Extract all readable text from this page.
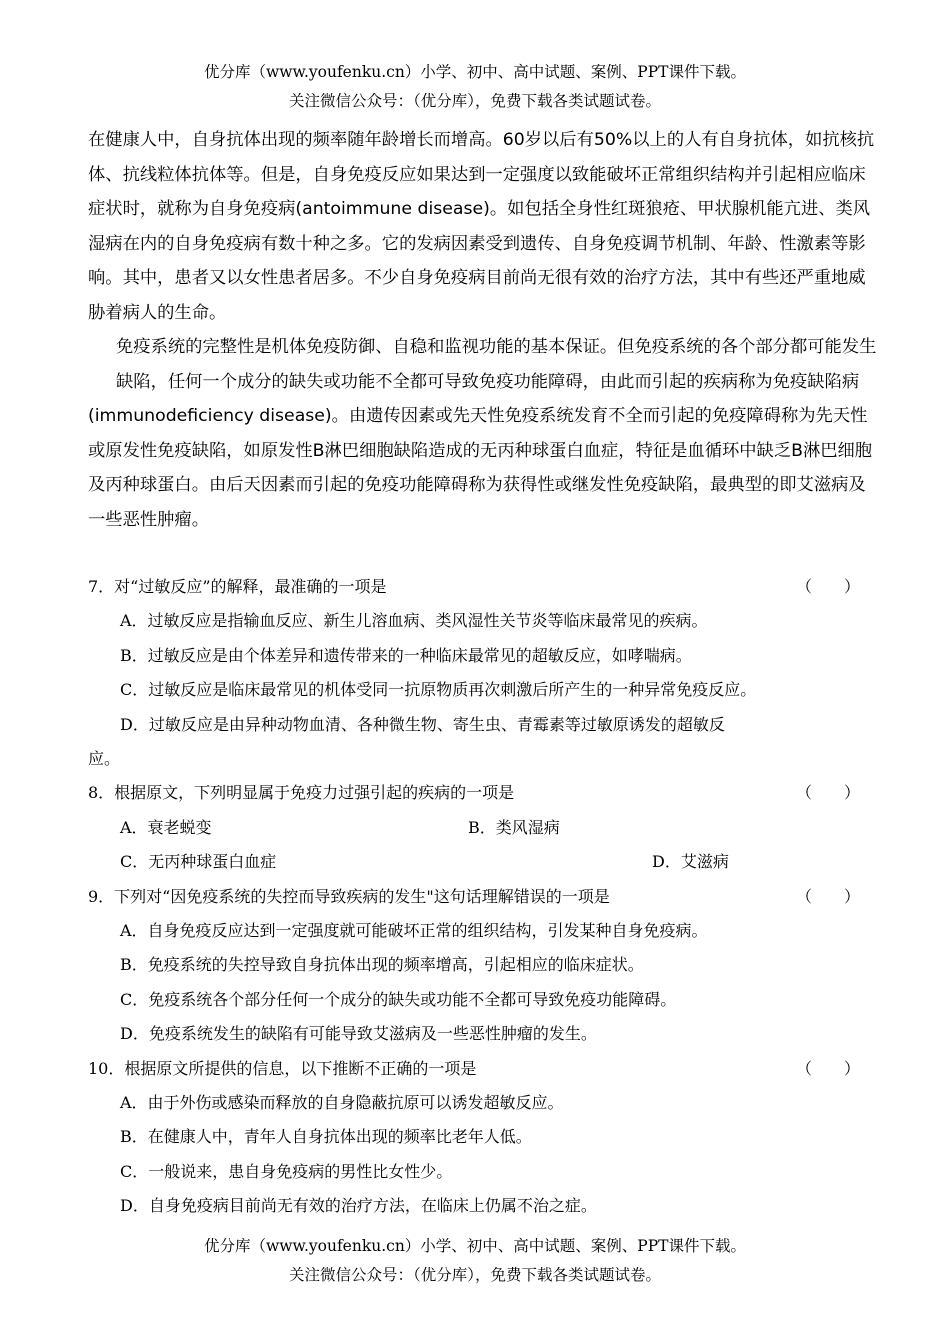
优分库（www.youfenku.cn）小学、初中、高中试题、案例、PPT课件下载。
关注微信公众号：（优分库），免费下载各类试题试卷。
在健康人中，自身抗体出现的频率随年龄增长而增高。60岁以后有50%以上的人有自身抗体，如抗核抗体、抗线粒体抗体等。但是，自身免疫反应如果达到一定强度以致能破坏正常组织结构并引起相应临床症状时，就称为自身免疫病(antoimmune disease)。如包括全身性红斑狼疮、甲状腺机能亢进、类风湿病在内的自身免疫病有数十种之多。它的发病因素受到遗传、自身免疫调节机制、年龄、性激素等影响。其中，患者又以女性患者居多。不少自身免疫病目前尚无很有效的治疗方法，其中有些还严重地威胁着病人的生命。
免疫系统的完整性是机体免疫防御、自稳和监视功能的基本保证。但免疫系统的各个部分都可能发生缺陷，任何一个成分的缺失或功能不全都可导致免疫功能障碍，由此而引起的疾病称为免疫缺陷病
(immunodeficiency disease)。由遗传因素或先天性免疫系统发育不全而引起的免疫障碍称为先天性或原发性免疫缺陷，如原发性B淋巴细胞缺陷造成的无丙种球蛋白血症，特征是血循环中缺乏B淋巴细胞及丙种球蛋白。由后天因素而引起的免疫功能障碍称为获得性或继发性免疫缺陷，最典型的即艾滋病及一些恶性肿瘤。
7．对“过敏反应”的解释，最准确的一项是	（　　）
A．过敏反应是指输血反应、新生儿溶血病、类风湿性关节炎等临床最常见的疾病。
B．过敏反应是由个体差异和遗传带来的一种临床最常见的超敏反应，如哮喘病。
C．过敏反应是临床最常见的机体受同一抗原物质再次刺激后所产生的一种异常免疫反应。
D．过敏反应是由异种动物血清、各种微生物、寄生虫、青霉素等过敏原诱发的超敏反
应。
8．根据原文，下列明显属于免疫力过强引起的疾病的一项是	（　　）
A．衰老蜕变	B．类风湿病
C．无丙种球蛋白血症	D．艾滋病
9．下列对“因免疫系统的失控而导致疾病的发生"这句话理解错误的一项是	（　　）
A．自身免疫反应达到一定强度就可能破坏正常的组织结构，引发某种自身免疫病。
B．免疫系统的失控导致自身抗体出现的频率增高，引起相应的临床症状。
C．免疫系统各个部分任何一个成分的缺失或功能不全都可导致免疫功能障碍。
D．免疫系统发生的缺陷有可能导致艾滋病及一些恶性肿瘤的发生。
10．根据原文所提供的信息，以下推断不正确的一项是	（　　）
A．由于外伤或感染而释放的自身隐蔽抗原可以诱发超敏反应。
B．在健康人中，青年人自身抗体出现的频率比老年人低。
C．一般说来，患自身免疫病的男性比女性少。
D．自身免疫病目前尚无有效的治疗方法，在临床上仍属不治之症。
优分库（www.youfenku.cn）小学、初中、高中试题、案例、PPT课件下载。
关注微信公众号：（优分库），免费下载各类试题试卷。
